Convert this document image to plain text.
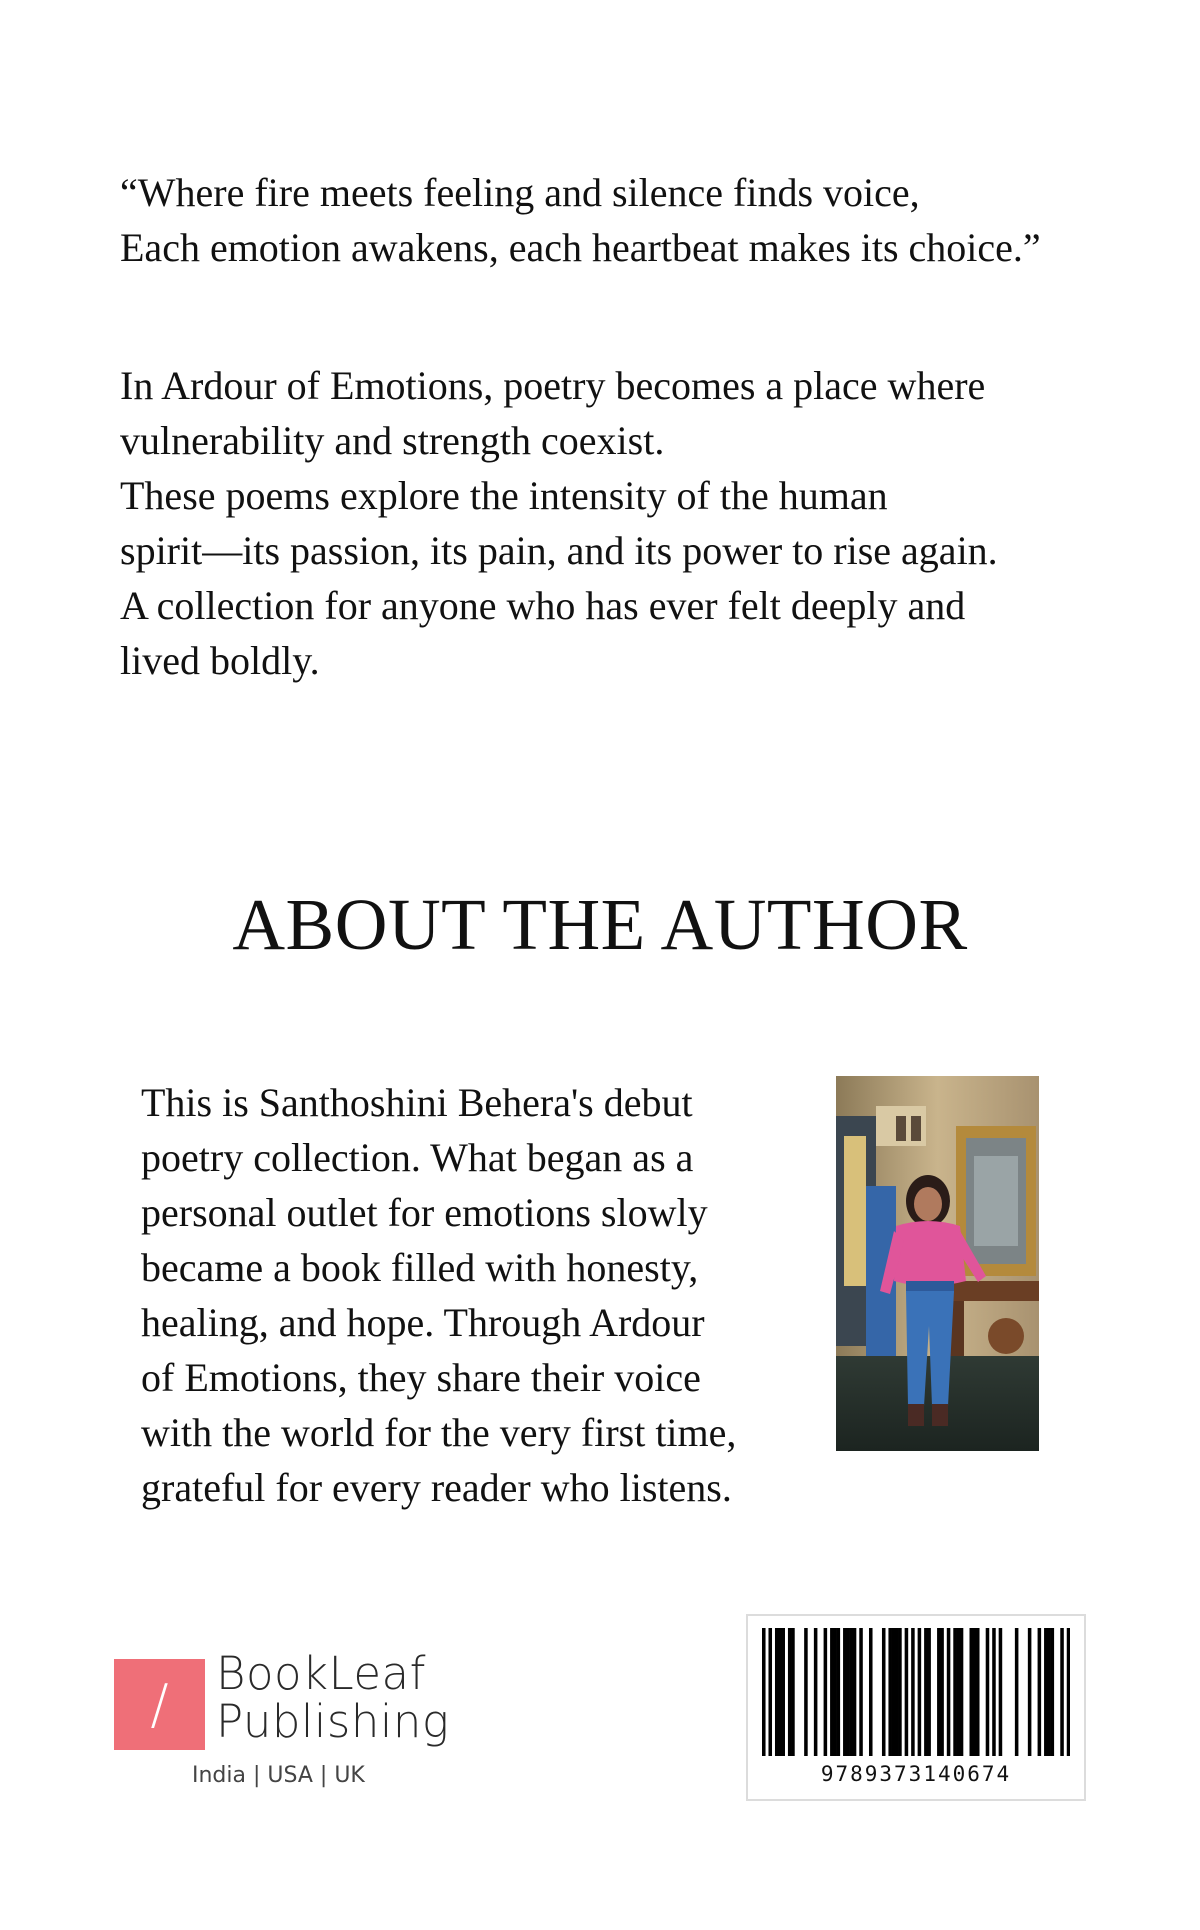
“Where fire meets feeling and silence finds voice,
Each emotion awakens, each heartbeat makes its choice.”
In Ardour of Emotions, poetry becomes a place where
vulnerability and strength coexist.
These poems explore the intensity of the human
spirit—its passion, its pain, and its power to rise again.
A collection for anyone who has ever felt deeply and
lived boldly.
ABOUT THE AUTHOR
This is Santhoshini Behera's debut
poetry collection. What began as a
personal outlet for emotions slowly
became a book filled with honesty,
healing, and hope. Through Ardour
of Emotions, they share their voice
with the world for the very first time,
grateful for every reader who listens.
/	BookLeaf
Publishing
India | USA | UK	9789373140674
